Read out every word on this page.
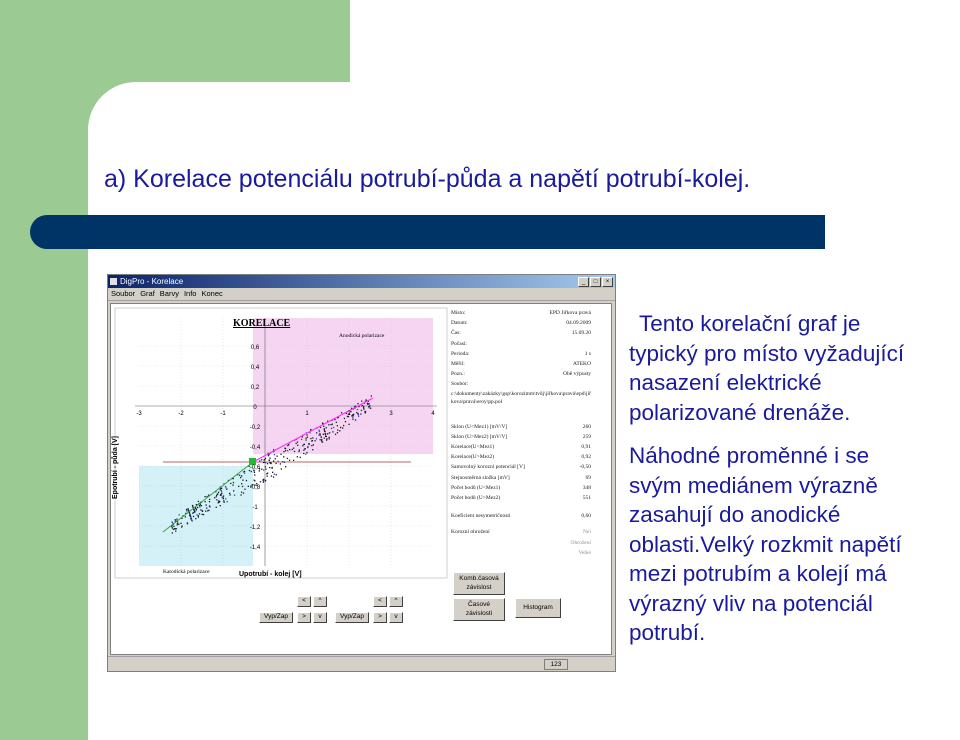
a) Korelace potenciálu potrubí-půda a napětí potrubí-kolej.
Tento korelační graf je
typický pro místo vyžadující
nasazení elektrické
polarizované drenáže.
Náhodné proměnné i se
svým mediánem výrazně
zasahují do anodické
oblasti.Velký rozkmit napětí
mezi potrubím a kolejí má
výrazný vliv na potenciál
potrubí.
DigPro - Korelace	_	□	×
Soubor Graf Barvy Info Konec
KORELACE
Anodická polarizace
Katodická polarizace
0,6
0,4
0,2
0
-0,2
-0,4
-0,6
-0,8
-1
-1,2
-1,4
-3	-2	-1	1	2	3	4
Upotrubí - kolej [V]
Epotrubí - půda [V]
Místo:	EPD Jiřkova pravá
Datum:	04.09.2009
Čas:	15.09.20
Počasí:
Perioda:	1 s
Měřil:	ATEKO
Pozn.:	Obě výpusty
Soubor:
c:\dokumenty\zakázky\gsp\korozimm\tvůj\jiřkova\pravá\epd\jiřkova\pravá\eroy\pp.pol
Sklon (U<Mez1) [mV/V]	260
Sklon (U>Mez2) [mV/V]	259
Korelace(U<Mez1)	0,91
Korelace(U>Mez2)	0,92
Samovolný korozní potenciál [V]	-0,50
Stejnosměrná složka [mV]	69
Počet bodů (U<Mez1)	348
Počet bodů (U>Mez2)	551
Koeficient nesymetričnosti	0,60
Korozní ohrožení	Neí
Ohrožení
Velké
Komb.časová
závislost
Časové
závislosti
Histogram
<	^
Vyp/Zap	>	v
<	^
Vyp/Zap	>	v
123
